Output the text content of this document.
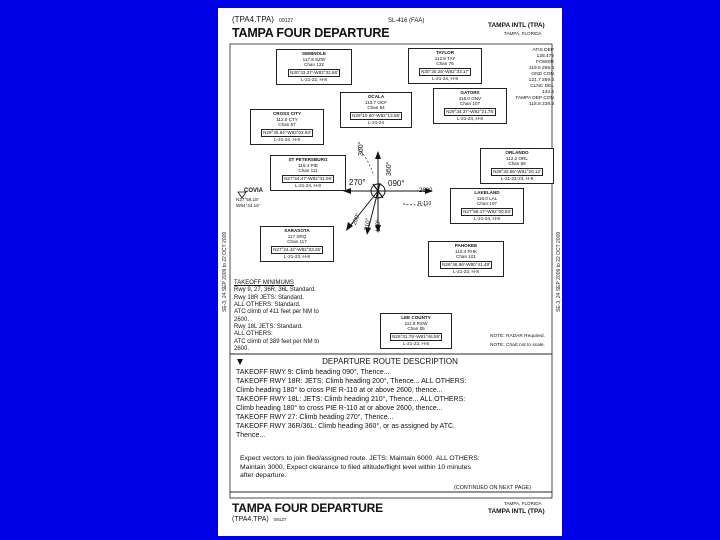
(TPA4.TPA) 09127	SL-416 (FAA)
TAMPA FOUR DEPARTURE
TAMPA INTL (TPA)
TAMPA, FLORIDA
090°
270°
360°
360°
200° 210° 180°
2600
R-110
COVIA
N27°56.18'
W84°44.16'
ATIS DEP
128.475
FOWER
119.5 269.4
GND CON
121.7 269.4
CLNC DEL
133.6
TAMPA DEP CON
118.8 239.3
SEMINOLE
117.5 SZW
Chan 122
N30°33.37'-W83°32.66'
L-21-22, H-8
TAYLOR
112.9 TAY
Chan 76
N30°30.28'-W82°33.17'
L-21-24, H-8
GATORS
116.0 GNV
Chan 107
N29°34.37'-W82°21.76'
L-21-24, H-8
OCALA
113.7 OCF
Chan 84
N29°10.60'-W82°13.58'
L-21-24
CROSS CITY
112.0 CTY
Chan 57
N29°35.94'-W83°02.93'
L-21-24, H-8
ORLANDO
112.2 ORL
Chan 59
N28°32.56'-W81°20.12'
L-21-23-24, H-8
ST PETERSBURG
116.4 PIE
Chan 111
N27°54.47'-W82°41.06'
L-21-24, H-8
LAKELAND
116.0 LAL
Chan 107
N27°59.17'-W82°00.83'
L-21-24, H-8
SARASOTA
117 SRQ
Chan 117
N27°24.42'-W82°33.25'
L-21-23, H-8
PAHOKEE
115.4 PHK
Chan 101
N26°46.96'-W80°41.49'
L-21-23, H-8
LEE COUNTY
111.8 RSW
Chan 55
N26°31.79'-W81°46.59'
L-21-23, H-8
TAKEOFF MINIMUMS
Rwy 9, 27, 36R, 36L Standard.
Rwy 18R JETS: Standard.
ALL OTHERS: Standard.
ATC climb of 411 feet per NM to
2600.
Rwy 18L JETS: Standard.
ALL OTHERS:
ATC climb of 389 feet per NM to
2600.
NOTE: RADAR Required.
NOTE: Chart not to scale.
DEPARTURE ROUTE DESCRIPTION
TAKEOFF RWY 9: Climb heading 090°, Thence...
TAKEOFF RWY 18R: JETS: Climb heading 200°, Thence... ALL OTHERS:
Climb heading 180° to cross PIE R-110 at or above 2600, thence...
TAKEOFF RWY 18L: JETS: Climb heading 210°, Thence... ALL OTHERS:
Climb heading 180° to cross PIE R-110 at or above 2600, thence...
TAKEOFF RWY 27: Climb heading 270°, Thence...
TAKEOFF RWY 36R/36L: Climb heading 360°, or as assigned by ATC.
Thence...
Expect vectors to join filed/assigned route. JETS: Maintain 6000. ALL OTHERS:
Maintain 3000. Expect clearance to filed altitude/flight level within 10 minutes
after departure.
(CONTINUED ON NEXT PAGE)
TAMPA FOUR DEPARTURE
(TPA4.TPA) 09127
TAMPA, FLORIDA
TAMPA INTL (TPA)
SE-3, 24 SEP 2009 to 22 OCT 2009	SE-3, 24 SEP 2009 to 22 OCT 2009
